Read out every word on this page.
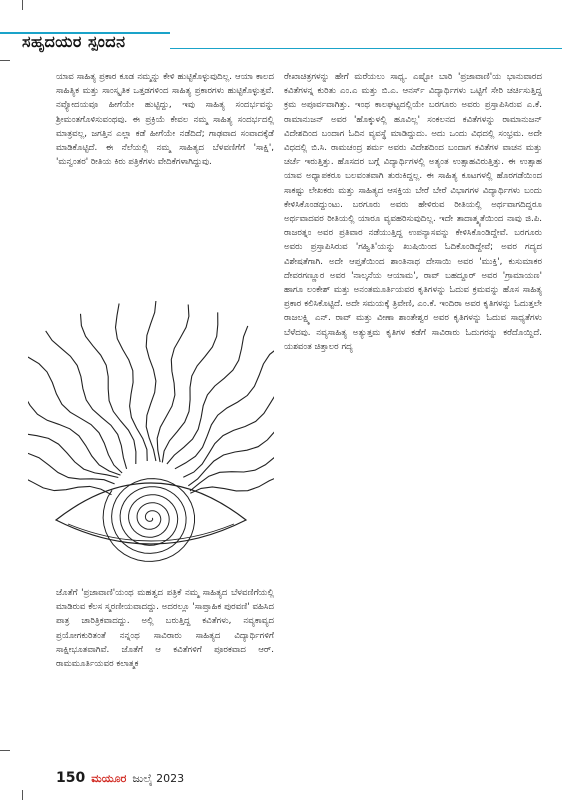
ಸಹೃದಯರ ಸ್ಪಂದನ

ಯಾವ ಸಾಹಿತ್ಯ ಪ್ರಕಾರ ಕೂಡ ನಮ್ಮನ್ನು ಕೇಳಿ ಹುಟ್ಟಿಕೊಳ್ಳುವುದಿಲ್ಲ. ಆಯಾ ಕಾಲದ ಸಾಹಿತ್ಯಿಕ ಮತ್ತು ಸಾಂಸ್ಕೃತಿಕ ಒತ್ತಡಗಳಿಂದ ಸಾಹಿತ್ಯ ಪ್ರಕಾರಗಳು ಹುಟ್ಟಿಕೊಳ್ಳುತ್ತವೆ. ನವ್ಯೋದಯವೂ ಹೀಗೆಯೇ ಹುಟ್ಟಿದ್ದು, ಇವು ಸಾಹಿತ್ಯ ಸಂದರ್ಭವನ್ನು ಶ್ರೀಮಂತಗೊಳಿಸುವಂಥವು. ಈ ಪ್ರಕ್ರಿಯೆ ಕೇವಲ ನಮ್ಮ ಸಾಹಿತ್ಯ ಸಂದರ್ಭದಲ್ಲಿ ಮಾತ್ರವಲ್ಲ, ಜಗತ್ತಿನ ಎಲ್ಲಾ ಕಡೆ ಹೀಗೆಯೇ ನಡೆದಿದೆ; ಗಾಢವಾದ ಸಂವಾದಕ್ಕೆಡೆ ಮಾಡಿಕೊಟ್ಟಿದೆ. ಈ ನೆಲೆಯಲ್ಲಿ ನಮ್ಮ ಸಾಹಿತ್ಯದ ಬೆಳವಣಿಗೆಗೆ 'ಸಾಕ್ಷಿ', 'ಮನ್ವಂತರ' ರೀತಿಯ ಕಿರು ಪತ್ರಿಕೆಗಳು ವೇದಿಕೆಗಳಾಗಿದ್ದುವು.

ಜೊತೆಗೆ 'ಪ್ರಜಾವಾಣಿ'ಯಂಥ ಮಹತ್ವದ ಪತ್ರಿಕೆ ನಮ್ಮ ಸಾಹಿತ್ಯದ ಬೆಳವಣಿಗೆಯಲ್ಲಿ ಮಾಡಿರುವ ಕೆಲಸ ಸ್ಮರಣೀಯವಾದದ್ದು. ಅದರಲ್ಲೂ 'ಸಾಪ್ತಾಹಿಕ ಪುರವಣಿ' ವಹಿಸಿದ ಪಾತ್ರ ಚಾರಿತ್ರಿಕವಾದದ್ದು. ಅಲ್ಲಿ ಬರುತ್ತಿದ್ದ ಕವಿತೆಗಳು, ನವ್ಯಕಾವ್ಯದ ಪ್ರಯೋಗಕುರಿತಂತೆ ನನ್ನಂಥ ಸಾವಿರಾರು ಸಾಹಿತ್ಯದ ವಿದ್ಯಾರ್ಥಿಗಳಿಗೆ ಸಾಕ್ಷೀಭೂತವಾಗಿವೆ. ಜೊತೆಗೆ ಆ ಕವಿತೆಗಳಿಗೆ ಪೂರಕವಾದ ಆರ್. ರಾಮಮೂರ್ತಿಯವರ ಕಲಾತ್ಮಕ

ರೇಖಾಚಿತ್ರಗಳನ್ನು ಹೇಗೆ ಮರೆಯಲು ಸಾಧ್ಯ. ಎಷ್ಟೋ ಬಾರಿ 'ಪ್ರಜಾವಾಣಿ'ಯ ಭಾನುವಾರದ ಕವಿತೆಗಳನ್ನ ಕುರಿತು ಎಂ.ಎ ಮತ್ತು ಬಿ.ಎ. ಆನರ್ಸ್ ವಿದ್ಯಾರ್ಥಿಗಳು ಒಟ್ಟಿಗೆ ಸೇರಿ ಚರ್ಚಿಸುತ್ತಿದ್ದ ಕ್ರಮ ಅಪೂರ್ವವಾಗಿತ್ತು. ಇಂಥ ಕಾಲಘಟ್ಟದಲ್ಲಿಯೇ ಬರಗೂರು ಅವರು ಪ್ರಸ್ತಾಪಿಸಿರುವ ಎ.ಕೆ. ರಾಮಾನುಜನ್ ಅವರ 'ಹೊಕ್ಕುಳಲ್ಲಿ ಹೂವಿಲ್ಲ' ಸಂಕಲನದ ಕವಿತೆಗಳನ್ನು ರಾಮಾನುಜನ್ ವಿದೇಶದಿಂದ ಬಂದಾಗ ಓದಿನ ವ್ಯವಸ್ಥೆ ಮಾಡಿದ್ದುದು. ಅದು ಒಂದು ವಿಧದಲ್ಲಿ ಸಂಭ್ರಮ. ಅದೇ ವಿಧದಲ್ಲಿ ಬಿ.ಸಿ. ರಾಮಚಂದ್ರ ಶರ್ಮ ಅವರು ವಿದೇಶದಿಂದ ಬಂದಾಗ ಕವಿತೆಗಳ ವಾಚನ ಮತ್ತು ಚರ್ಚೆ ಇರುತ್ತಿತ್ತು. ಹೊಸದರ ಬಗ್ಗೆ ವಿದ್ಯಾರ್ಥಿಗಳಲ್ಲಿ ಅತ್ಯಂತ ಉತ್ಸಾಹವಿರುತ್ತಿತ್ತು. ಈ ಉತ್ಸಾಹ ಯಾವ ಅಧ್ಯಾಪಕರೂ ಬಲವಂತವಾಗಿ ತುರುಕಿದ್ದಲ್ಲ. ಈ ಸಾಹಿತ್ಯ ಕೂಟಗಳಲ್ಲಿ ಹೊರಗಡೆಯಿಂದ ಸಾಕಷ್ಟು ಲೇಖಕರು ಮತ್ತು ಸಾಹಿತ್ಯದ ಆಸಕ್ತಿಯ ಬೇರೆ ಬೇರೆ ವಿಭಾಗಗಳ ವಿದ್ಯಾರ್ಥಿಗಳು ಬಂದು ಕೇಳಿಸಿಕೊಂಡದ್ದುಂಟು. ಬರಗೂರು ಅವರು ಹೇಳಿರುವ ರೀತಿಯಲ್ಲಿ ಅರ್ಥವಾಗದಿದ್ದರೂ ಅರ್ಥವಾದವರ ರೀತಿಯಲ್ಲಿ ಯಾರೂ ವ್ಯವಹರಿಸುವುದಿಲ್ಲ. ಇದೇ ತಾದಾತ್ಮ್ಯತೆಯಿಂದ ನಾವು ಜಿ.ಪಿ. ರಾಜರತ್ನಂ ಅವರ ಪ್ರತಿವಾರ ನಡೆಯುತ್ತಿದ್ದ ಉಪನ್ಯಾಸವನ್ನು ಕೇಳಿಸಿಕೊಂಡಿದ್ದೇವೆ. ಬರಗೂರು ಅವರು ಪ್ರಸ್ತಾಪಿಸಿರುವ 'ಗಹ್ವಿತಿ'ಯನ್ನು ಖುಷಿಯಿಂದ ಓದಿಕೊಂಡಿದ್ದೇವೆ; ಅವರ ಗದ್ಯದ ವಿಶೇಷತೆಗಾಗಿ. ಅದೇ ಆಪ್ತತೆಯಿಂದ ಶಾಂತಿನಾಥ ದೇಸಾಯಿ ಅವರ 'ಮುಕ್ತಿ', ಕುಸುಮಾಕರ ದೇವರಗಣ್ಣೂರ ಅವರ 'ನಾಲ್ಕನೆಯ ಆಯಾಮ', ರಾವ್ ಬಹದ್ದೂರ್ ಅವರ 'ಗ್ರಾಮಾಯಣ' ಹಾಗೂ ಲಂಕೇಶ್ ಮತ್ತು ಅನಂತಮೂರ್ತಿಯವರ ಕೃತಿಗಳನ್ನು ಓದುವ ಕ್ರಮವನ್ನು ಹೊಸ ಸಾಹಿತ್ಯ ಪ್ರಕಾರ ಕಲಿಸಿಕೊಟ್ಟಿದೆ. ಅದೇ ಸಮಯಕ್ಕೆ ತ್ರಿವೇಣಿ, ಎಂ.ಕೆ. ಇಂದಿರಾ ಅವರ ಕೃತಿಗಳನ್ನು ಓದುತ್ತಲೇ ರಾಜಲಕ್ಷ್ಮಿ ಎನ್. ರಾವ್ ಮತ್ತು ವೀಣಾ ಶಾಂತೇಶ್ವರ ಅವರ ಕೃತಿಗಳನ್ನು ಓದುವ ಸಾಧ್ಯತೆಗಳು ಬೆಳೆದವು. ನವ್ಯಸಾಹಿತ್ಯ ಅತ್ಯುತ್ತಮ ಕೃತಿಗಳ ಕಡೆಗೆ ಸಾವಿರಾರು ಓದುಗರನ್ನು ಕರೆದೊಯ್ದಿದೆ. ಯಶವಂತ ಚಿತ್ತಾಲರ ಗದ್ಯ

150 ಮಯೂರ ಜುಲೈ 2023
